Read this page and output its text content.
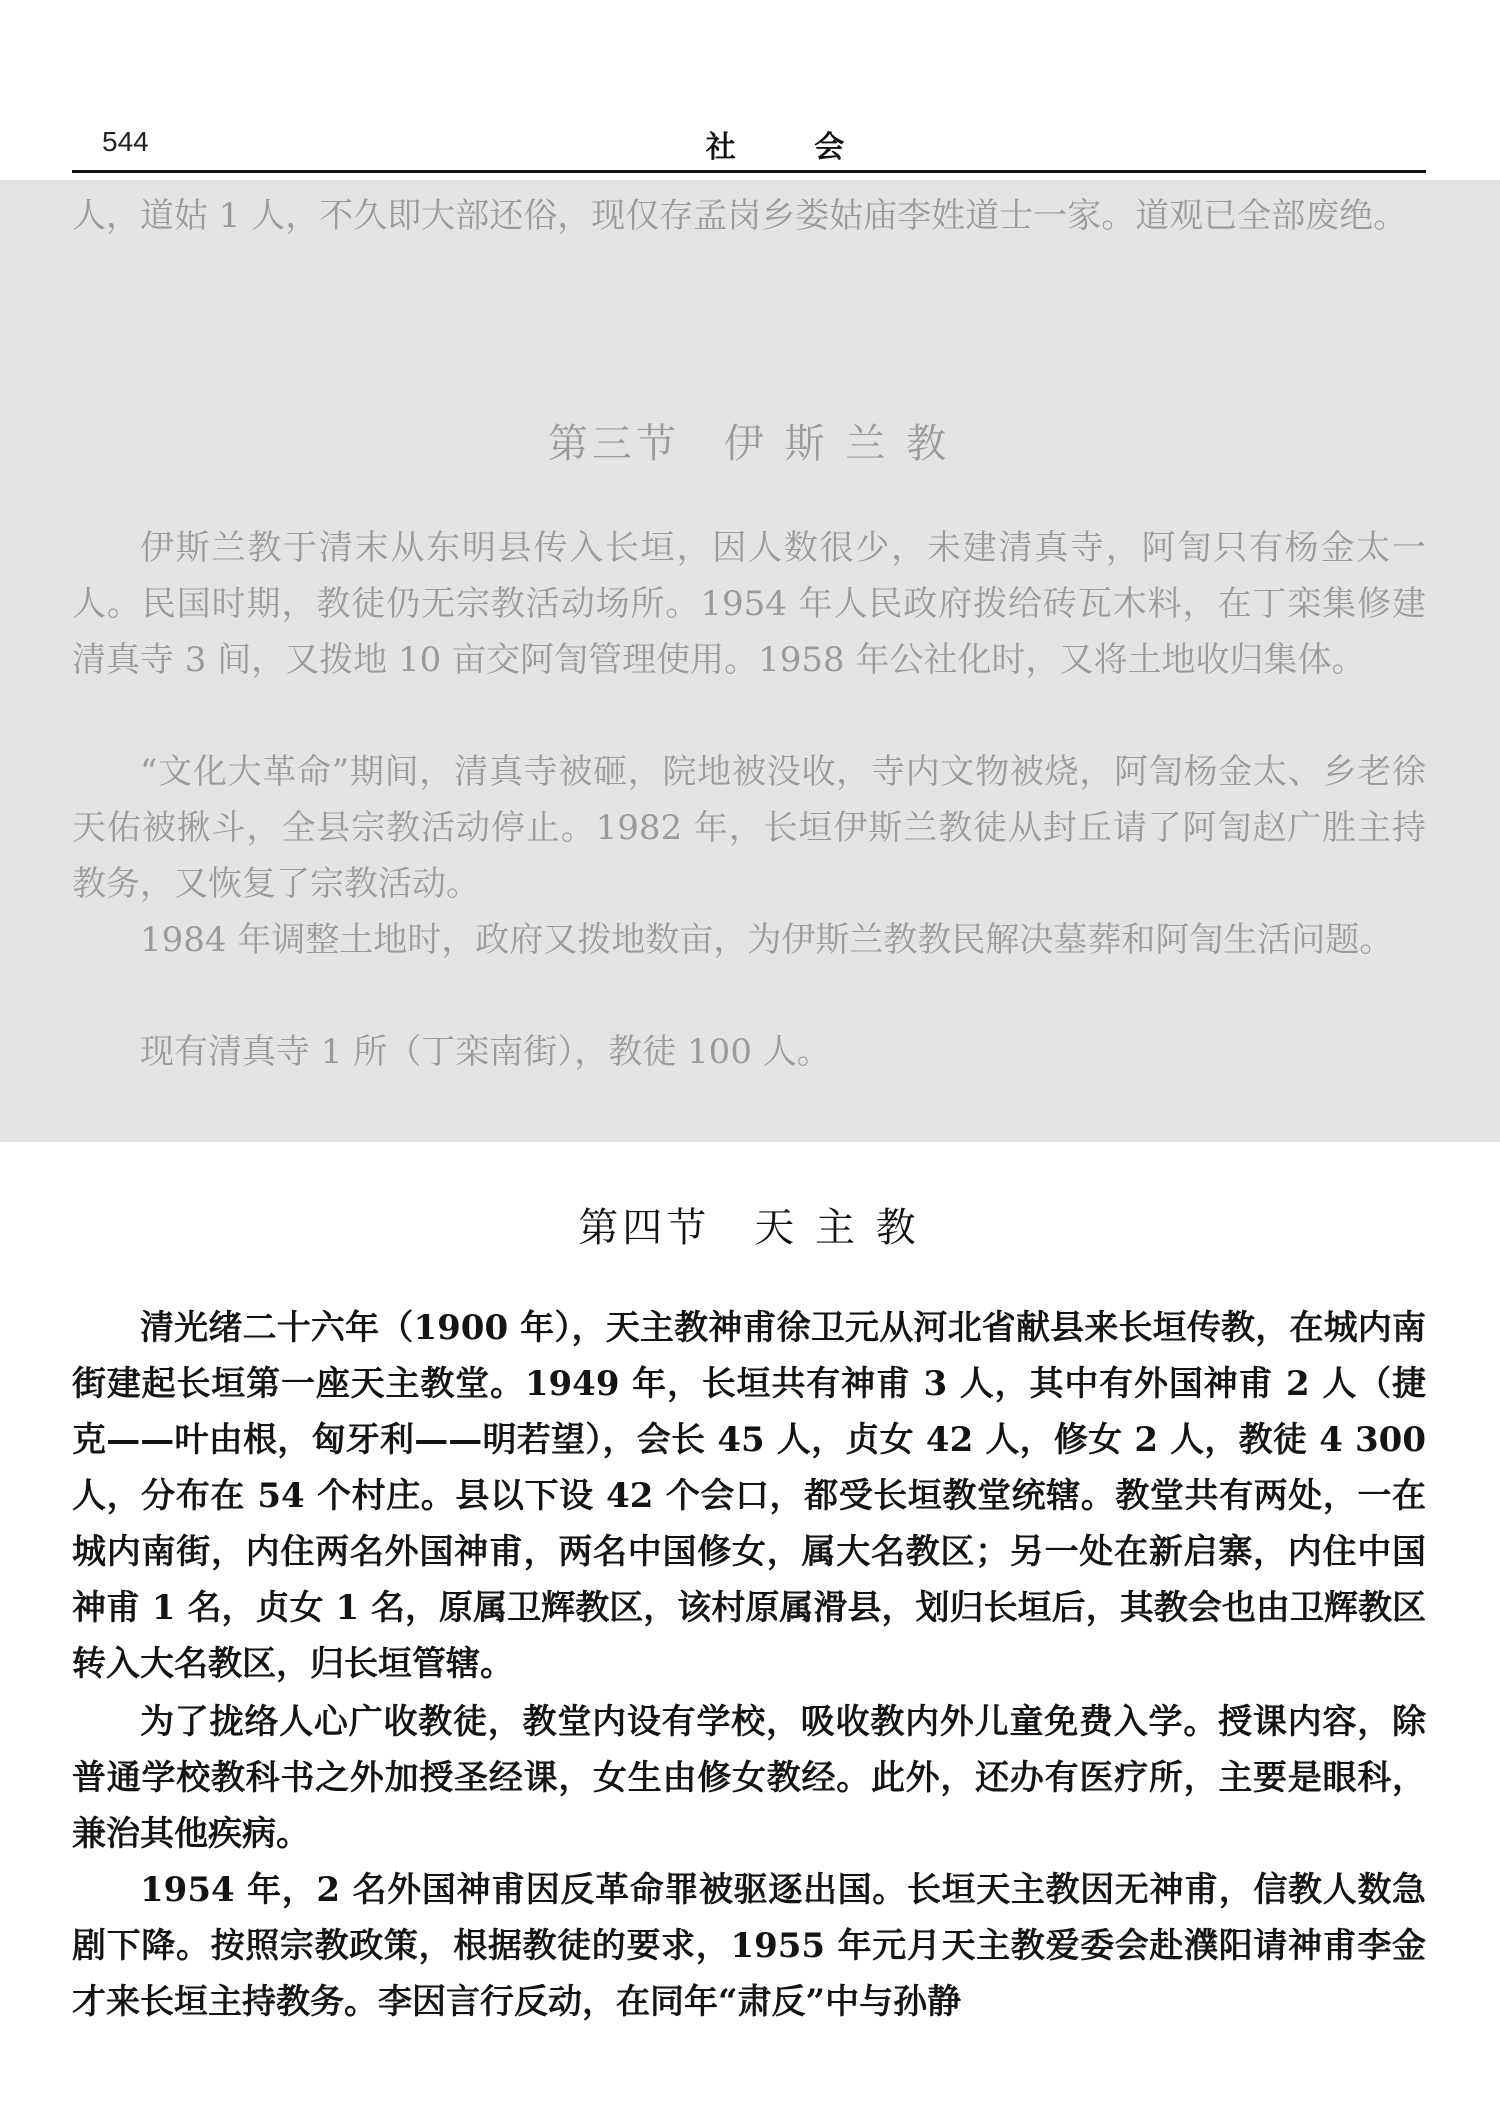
544	社 会

人，道姑 1 人，不久即大部还俗，现仅存孟岗乡娄姑庙李姓道士一家。道观已全部废绝。

第三节　伊 斯 兰 教

伊斯兰教于清末从东明县传入长垣，因人数很少，未建清真寺，阿訇只有杨金太一人。民国时期，教徒仍无宗教活动场所。1954 年人民政府拨给砖瓦木料，在丁栾集修建清真寺 3 间，又拨地 10 亩交阿訇管理使用。1958 年公社化时，又将土地收归集体。

“文化大革命”期间，清真寺被砸，院地被没收，寺内文物被烧，阿訇杨金太、乡老徐天佑被揪斗，全县宗教活动停止。1982 年，长垣伊斯兰教徒从封丘请了阿訇赵广胜主持教务，又恢复了宗教活动。

1984 年调整土地时，政府又拨地数亩，为伊斯兰教教民解决墓葬和阿訇生活问题。

现有清真寺 1 所（丁栾南街），教徒 100 人。

第四节　天 主 教

清光绪二十六年（1900 年），天主教神甫徐卫元从河北省献县来长垣传教，在城内南街建起长垣第一座天主教堂。1949 年，长垣共有神甫 3 人，其中有外国神甫 2 人（捷克——叶由根，匈牙利——明若望），会长 45 人，贞女 42 人，修女 2 人，教徒 4 300 人，分布在 54 个村庄。县以下设 42 个会口，都受长垣教堂统辖。教堂共有两处，一在城内南街，内住两名外国神甫，两名中国修女，属大名教区；另一处在新启寨，内住中国神甫 1 名，贞女 1 名，原属卫辉教区，该村原属滑县，划归长垣后，其教会也由卫辉教区转入大名教区，归长垣管辖。

为了拢络人心广收教徒，教堂内设有学校，吸收教内外儿童免费入学。授课内容，除普通学校教科书之外加授圣经课，女生由修女教经。此外，还办有医疗所，主要是眼科，兼治其他疾病。

1954 年，2 名外国神甫因反革命罪被驱逐出国。长垣天主教因无神甫，信教人数急剧下降。按照宗教政策，根据教徒的要求，1955 年元月天主教爱委会赴濮阳请神甫李金才来长垣主持教务。李因言行反动，在同年“肃反”中与孙静
